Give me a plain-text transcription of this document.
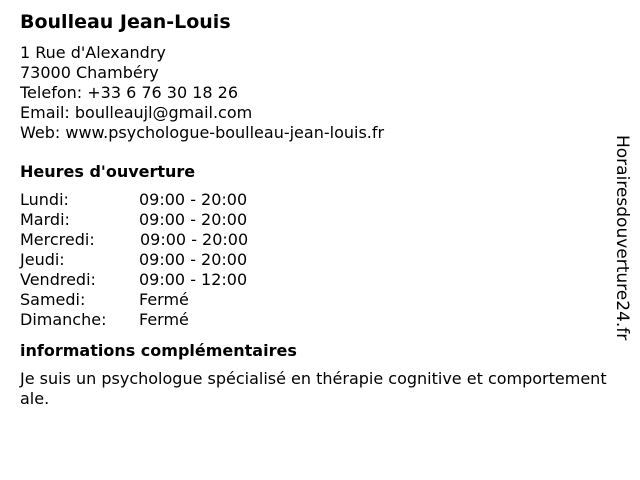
Boulleau Jean-Louis
1 Rue d'Alexandry
73000 Chambéry
Telefon: +33 6 76 30 18 26
Email: boulleaujl@gmail.com
Web: www.psychologue-boulleau-jean-louis.fr
Heures d'ouverture
Lundi:	09:00 - 20:00
Mardi:	09:00 - 20:00
Mercredi:	09:00 - 20:00
Jeudi:	09:00 - 20:00
Vendredi:	09:00 - 12:00
Samedi:	Fermé
Dimanche:	Fermé
informations complémentaires
Je suis un psychologue spécialisé en thérapie cognitive et comportementale.
Horairesdouverture24.fr
